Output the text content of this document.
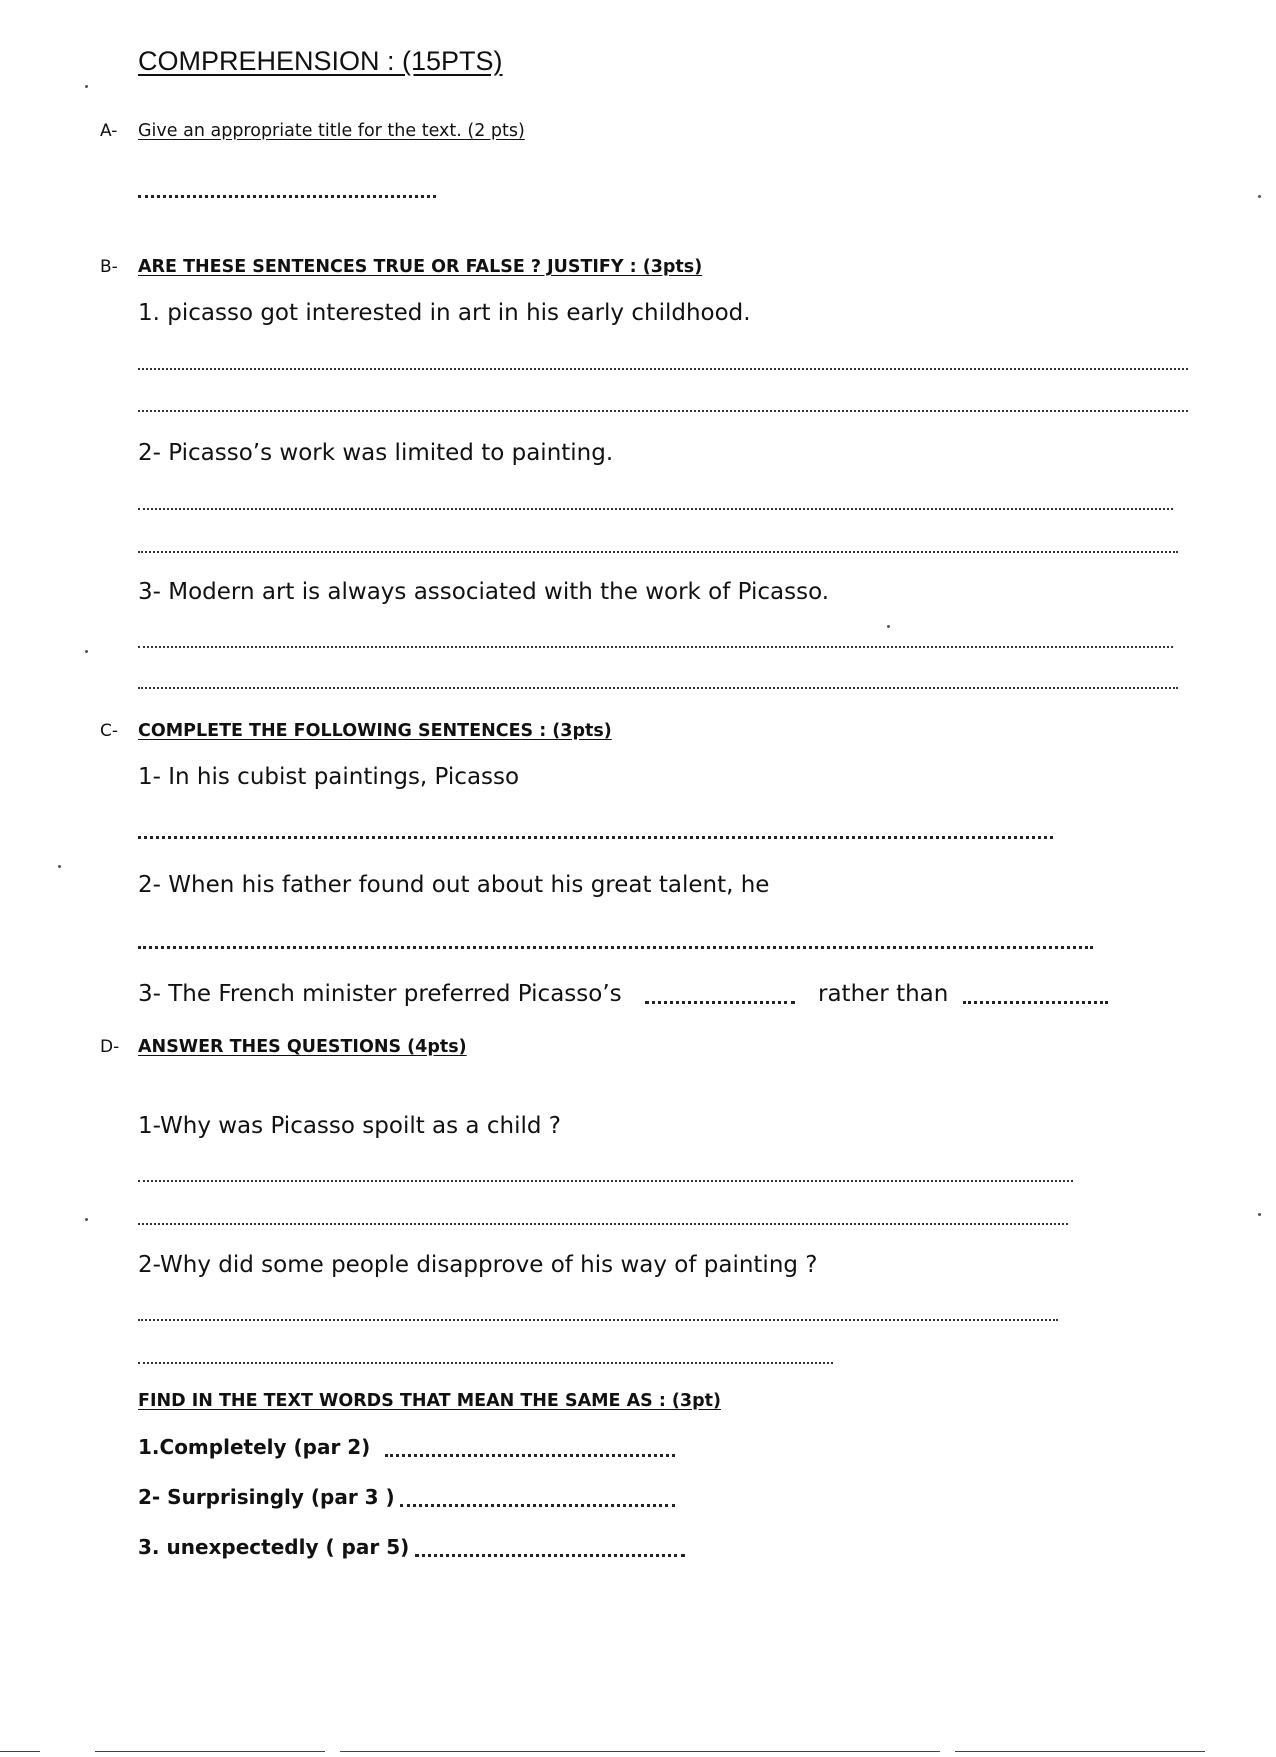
COMPREHENSION : (15PTS)
A- Give an appropriate title for the text. (2 pts)
B- ARE THESE SENTENCES TRUE OR FALSE ? JUSTIFY : (3pts)
1. picasso got interested in art in his early childhood.
2- Picasso’s work was limited to painting.
3- Modern art is always associated with the work of Picasso.
C- COMPLETE THE FOLLOWING SENTENCES : (3pts)
1- In his cubist paintings, Picasso
2- When his father found out about his great talent, he
3- The French minister preferred Picasso’s	rather than
D- ANSWER THES QUESTIONS (4pts)
1-Why was Picasso spoilt as a child ?
2-Why did some people disapprove of his way of painting ?
FIND IN THE TEXT WORDS THAT MEAN THE SAME AS : (3pt)
1.Completely (par 2)
2- Surprisingly (par 3 )
3. unexpectedly ( par 5)
